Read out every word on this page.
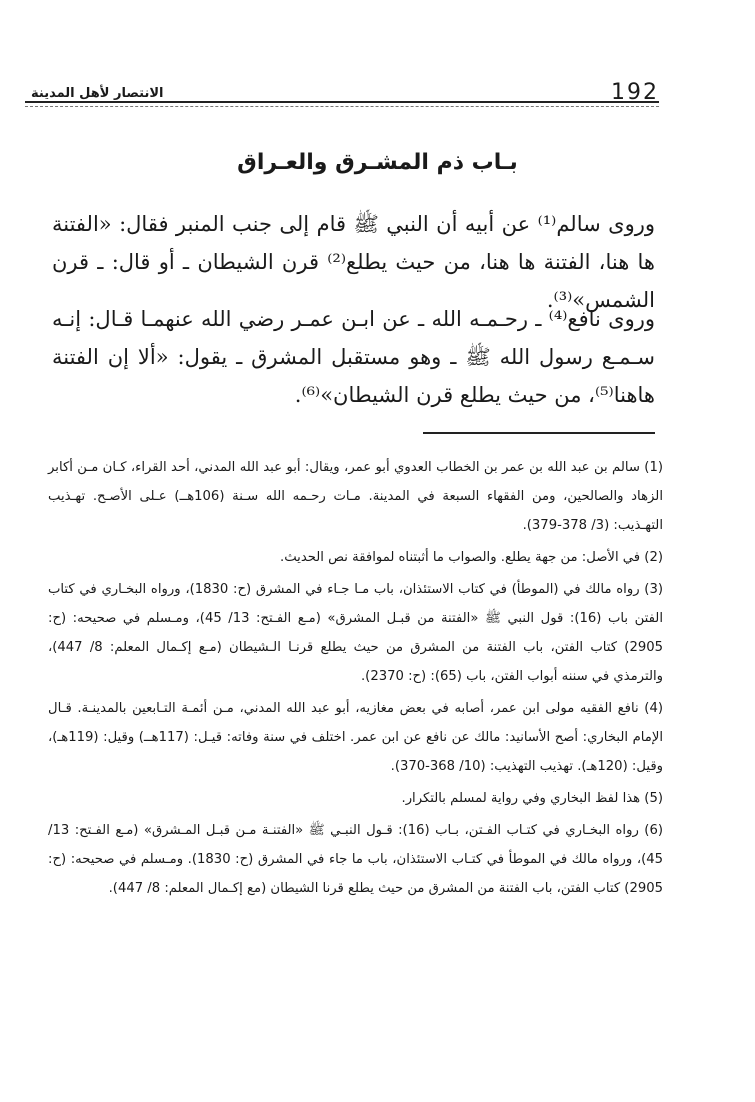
192
الانتصار لأهل المدينة
بـاب ذم المشـرق والعـراق
وروى سالم⁽¹⁾ عن أبيه أن النبي ﷺ قام إلى جنب المنبر فقال: «الفتنة ها هنا، الفتنة ها هنا، من حيث يطلع⁽²⁾ قرن الشيطان ـ أو قال: ـ قرن الشمس»⁽³⁾.
وروى نافع⁽⁴⁾ ـ رحـمـه الله ـ عن ابـن عمـر رضي الله عنهمـا قـال: إنـه سـمـع رسول الله ﷺ ـ وهو مستقبل المشرق ـ يقول: «ألا إن الفتنة هاهنا⁽⁵⁾، من حيث يطلع قرن الشيطان»⁽⁶⁾.

(1) سالم بن عبد الله بن عمر بن الخطاب العدوي أبو عمر، ويقال: أبو عبد الله المدني، أحد القراء، كـان مـن أكابر الزهاد والصالحين، ومن الفقهاء السبعة في المدينة. مـات رحـمه الله سـنة (106هــ) عـلى الأصـح. تهـذيب التهـذيب: (3/ 378-379).

(2) في الأصل: من جهة يطلع. والصواب ما أثبتناه لموافقة نص الحديث.

(3) رواه مالك في (الموطأ) في كتاب الاستئذان، باب مـا جـاء في المشرق (ح: 1830)، ورواه البخـاري في كتاب الفتن باب (16): قول النبي ﷺ «الفتنة من قبـل المشرق» (مـع الفـتح: 13/ 45)، ومـسلم في صحيحه: (ح: 2905) كتاب الفتن، باب الفتنة من المشرق من حيث يطلع قرنـا الـشيطان (مـع إكـمال المعلم: 8/ 447)، والترمذي في سننه أبواب الفتن، باب (65): (ح: 2370).

(4) نافع الفقيه مولى ابن عمر، أصابه في بعض مغازيه، أبو عبد الله المدني، مـن أئمـة التـابعين بالمدينـة. قـال الإمام البخاري: أصح الأسانيد: مالك عن نافع عن ابن عمر. اختلف في سنة وفاته: قيـل: (117هــ) وقيل: (119هـ)، وقيل: (120هـ). تهذيب التهذيب: (10/ 368-370).

(5) هذا لفظ البخاري وفي رواية لمسلم بالتكرار.

(6) رواه البخـاري في كتـاب الفـتن، بـاب (16): قـول النبـي ﷺ «الفتنـة مـن قبـل المـشرق» (مـع الفـتح: 13/ 45)، ورواه مالك في الموطأ في كتـاب الاستئذان، باب ما جاء في المشرق (ح: 1830). ومـسلم في صحيحه: (ح: 2905) كتاب الفتن، باب الفتنة من المشرق من حيث يطلع قرنا الشيطان (مع إكـمال المعلم: 8/ 447).
